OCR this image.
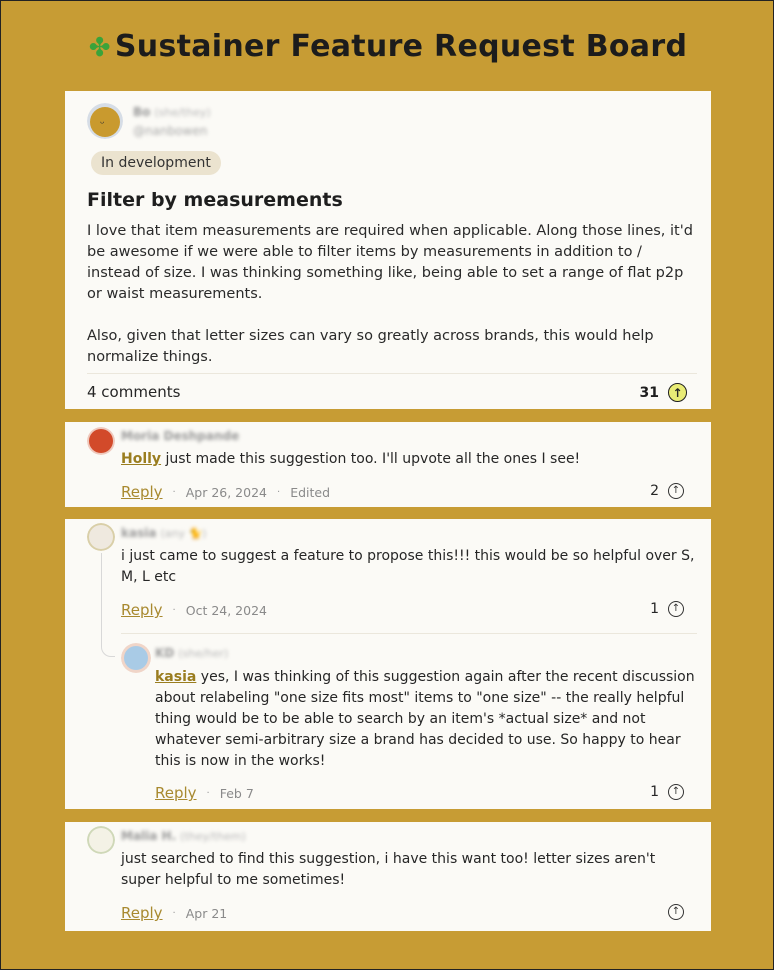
✤ Sustainer Feature Request Board
ᵕ
Bo (she/they)
@nanbowen
In development
Filter by measurements

I love that item measurements are required when applicable. Along those lines, it'd be awesome if we were able to filter items by measurements in addition to / instead of size. I was thinking something like, being able to set a range of flat p2p or waist measurements.

Also, given that letter sizes can vary so greatly across brands, this would help normalize things.

4 comments	31	↑
Moria Deshpande
Holly just made this suggestion too. I'll upvote all the ones I see!
Reply · Apr 26, 2024 · Edited	2	↑
kasia (any 🐈)
i just came to suggest a feature to propose this!!! this would be so helpful over S, M, L etc
Reply · Oct 24, 2024	1	↑
KD (she/her)
kasia yes, I was thinking of this suggestion again after the recent discussion about relabeling "one size fits most" items to "one size" -- the really helpful thing would be to be able to search by an item's *actual size* and not whatever semi-arbitrary size a brand has decided to use. So happy to hear this is now in the works!
Reply · Feb 7	1	↑
Malia H. (they/them)
just searched to find this suggestion, i have this want too! letter sizes aren't super helpful to me sometimes!
Reply · Apr 21	↑
